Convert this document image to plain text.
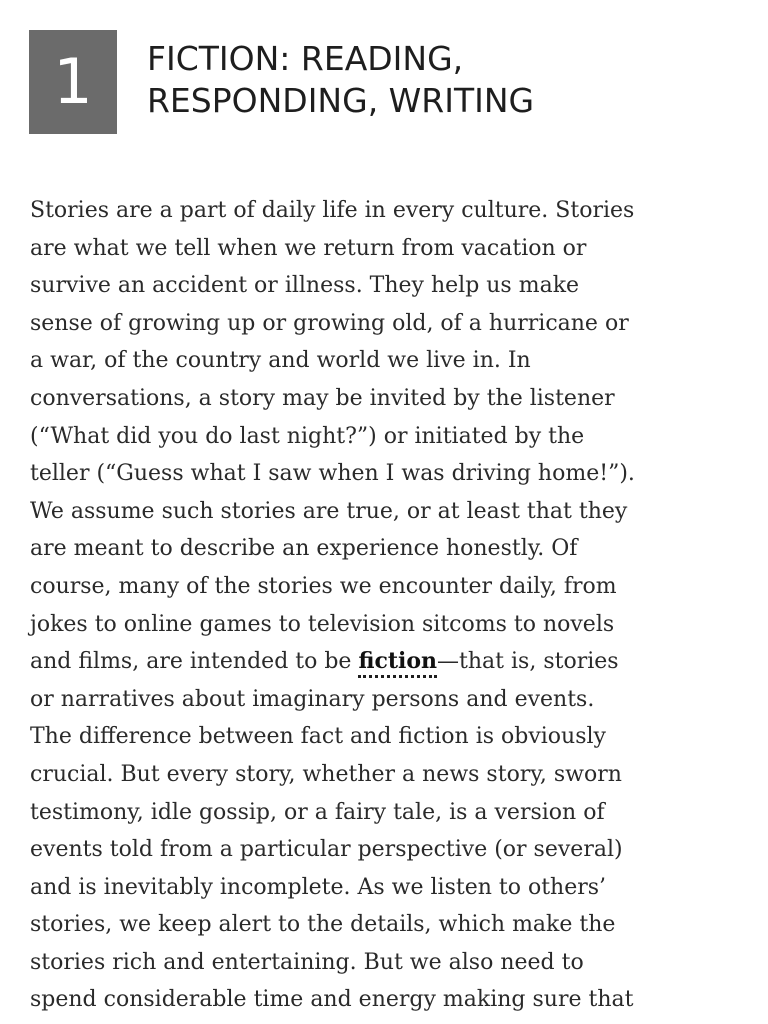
1 FICTION: READING,
RESPONDING, WRITING

Stories are a part of daily life in every culture. Stories
are what we tell when we return from vacation or
survive an accident or illness. They help us make
sense of growing up or growing old, of a hurricane or
a war, of the country and world we live in. In
conversations, a story may be invited by the listener
(“What did you do last night?”) or initiated by the
teller (“Guess what I saw when I was driving home!”).
We assume such stories are true, or at least that they
are meant to describe an experience honestly. Of
course, many of the stories we encounter daily, from
jokes to online games to television sitcoms to novels
and films, are intended to be fiction—that is, stories
or narratives about imaginary persons and events.
The difference between fact and fiction is obviously
crucial. But every story, whether a news story, sworn
testimony, idle gossip, or a fairy tale, is a version of
events told from a particular perspective (or several)
and is inevitably incomplete. As we listen to others’
stories, we keep alert to the details, which make the
stories rich and entertaining. But we also need to
spend considerable time and energy making sure that
